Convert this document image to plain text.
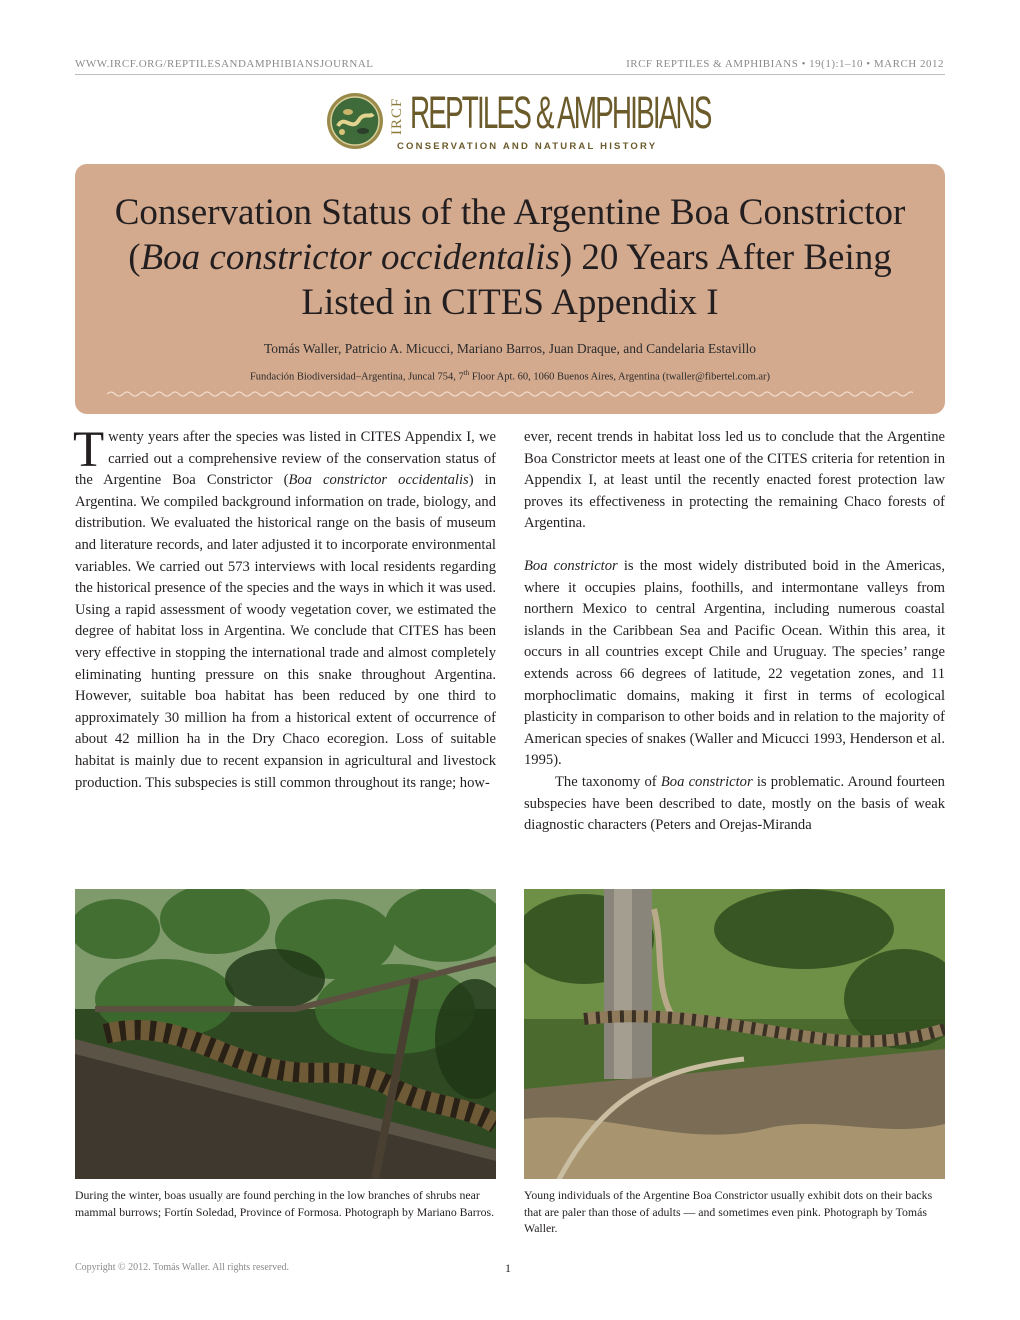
WWW.IRCF.ORG/REPTILESANDAMPHIBIANSJOURNAL	IRCF REPTILES & AMPHIBIANS • 19(1):1–10 • MARCH 2012
IRCF REPTILES & AMPHIBIANS
CONSERVATION AND NATURAL HISTORY
Conservation Status of the Argentine Boa Constrictor (Boa constrictor occidentalis) 20 Years After Being Listed in CITES Appendix I
Tomás Waller, Patricio A. Micucci, Mariano Barros, Juan Draque, and Candelaria Estavillo
Fundación Biodiversidad–Argentina, Juncal 754, 7th Floor Apt. 60, 1060 Buenos Aires, Argentina (twaller@fibertel.com.ar)

Twenty years after the species was listed in CITES Appendix I, we carried out a comprehensive review of the conservation status of the Argentine Boa Constrictor (Boa constrictor occidentalis) in Argentina. We compiled background information on trade, biology, and distribution. We evaluated the historical range on the basis of museum and literature records, and later adjusted it to incorporate environmental variables. We carried out 573 interviews with local residents regarding the historical presence of the species and the ways in which it was used. Using a rapid assessment of woody vegetation cover, we estimated the degree of habitat loss in Argentina. We conclude that CITES has been very effective in stopping the international trade and almost completely eliminating hunting pressure on this snake throughout Argentina. However, suitable boa habitat has been reduced by one third to approximately 30 million ha from a historical extent of occurrence of about 42 million ha in the Dry Chaco ecoregion. Loss of suitable habitat is mainly due to recent expansion in agricultural and livestock production. This subspecies is still common throughout its range; how-

ever, recent trends in habitat loss led us to conclude that the Argentine Boa Constrictor meets at least one of the CITES criteria for retention in Appendix I, at least until the recently enacted forest protection law proves its effectiveness in protecting the remaining Chaco forests of Argentina.

Boa constrictor is the most widely distributed boid in the Americas, where it occupies plains, foothills, and intermontane valleys from northern Mexico to central Argentina, including numerous coastal islands in the Caribbean Sea and Pacific Ocean. Within this area, it occurs in all countries except Chile and Uruguay. The species’ range extends across 66 degrees of latitude, 22 vegetation zones, and 11 morphoclimatic domains, making it first in terms of ecological plasticity in comparison to other boids and in relation to the majority of American species of snakes (Waller and Micucci 1993, Henderson et al. 1995).

The taxonomy of Boa constrictor is problematic. Around fourteen subspecies have been described to date, mostly on the basis of weak diagnostic characters (Peters and Orejas-Miranda

During the winter, boas usually are found perching in the low branches of shrubs near mammal burrows; Fortín Soledad, Province of Formosa. Photograph by Mariano Barros.
Young individuals of the Argentine Boa Constrictor usually exhibit dots on their backs that are paler than those of adults — and sometimes even pink. Photograph by Tomás Waller.
Copyright © 2012. Tomás Waller. All rights reserved.	1
